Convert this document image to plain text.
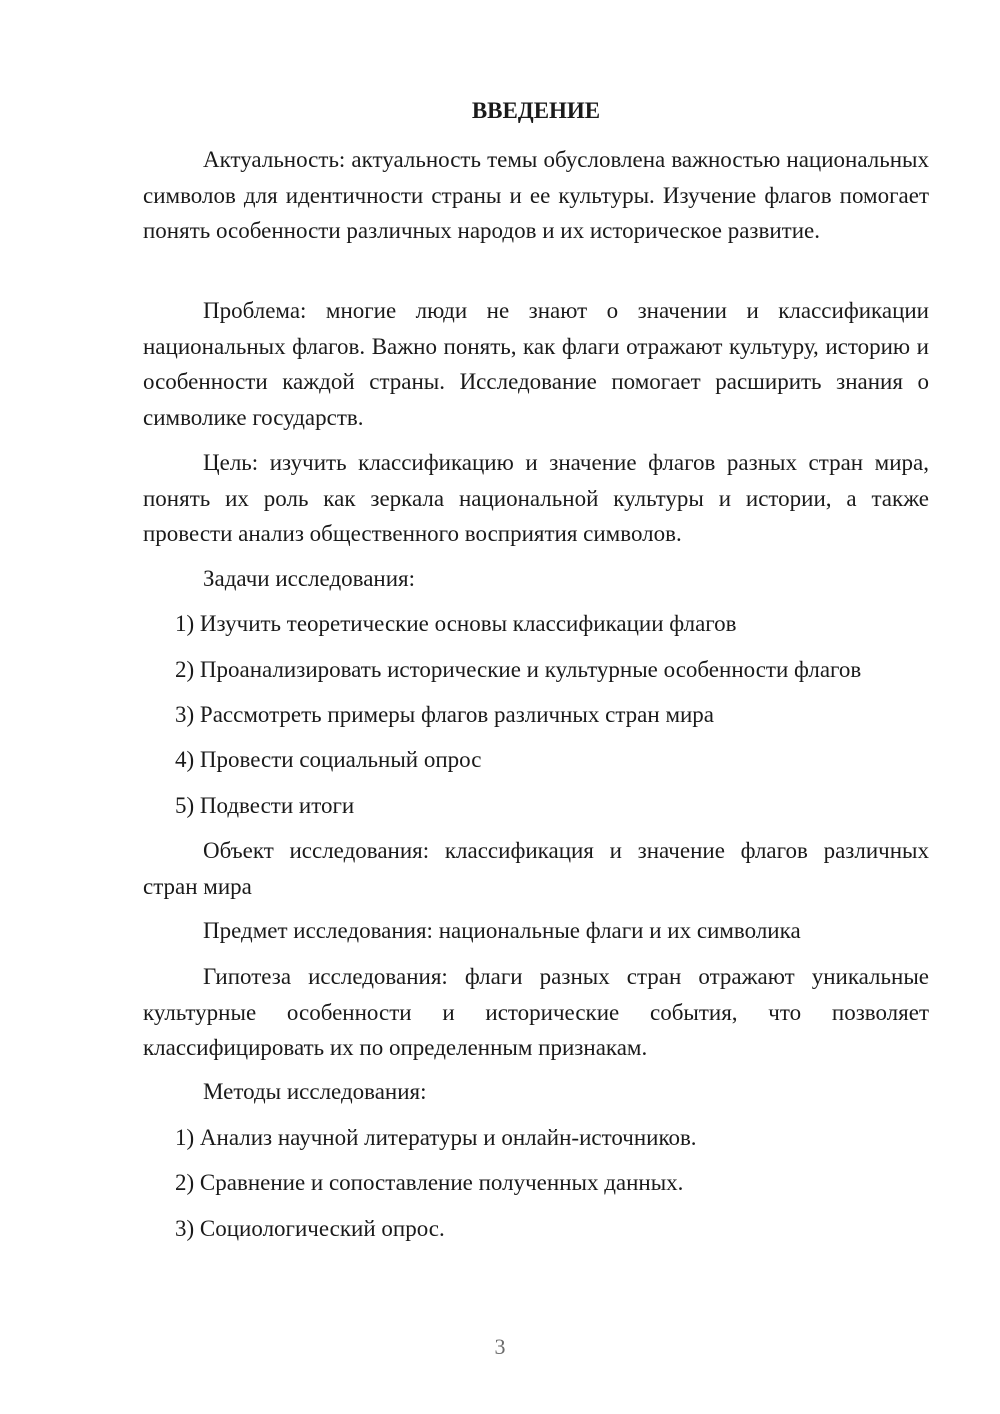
ВВЕДЕНИЕ

Актуальность: актуальность темы обусловлена важностью национальных символов для идентичности страны и ее культуры. Изучение флагов помогает понять особенности различных народов и их историческое развитие.

Проблема: многие люди не знают о значении и классификации национальных флагов. Важно понять, как флаги отражают культуру, историю и особенности каждой страны. Исследование помогает расширить знания о символике государств.

Цель: изучить классификацию и значение флагов разных стран мира, понять их роль как зеркала национальной культуры и истории, а также провести анализ общественного восприятия символов.

Задачи исследования:

1) Изучить теоретические основы классификации флагов

2) Проанализировать исторические и культурные особенности флагов

3) Рассмотреть примеры флагов различных стран мира

4) Провести социальный опрос

5) Подвести итоги

Объект исследования: классификация и значение флагов различных стран мира

Предмет исследования: национальные флаги и их символика

Гипотеза исследования: флаги разных стран отражают уникальные культурные особенности и исторические события, что позволяет классифицировать их по определенным признакам.

Методы исследования:

1) Анализ научной литературы и онлайн-источников.

2) Сравнение и сопоставление полученных данных.

3) Социологический опрос.

3
